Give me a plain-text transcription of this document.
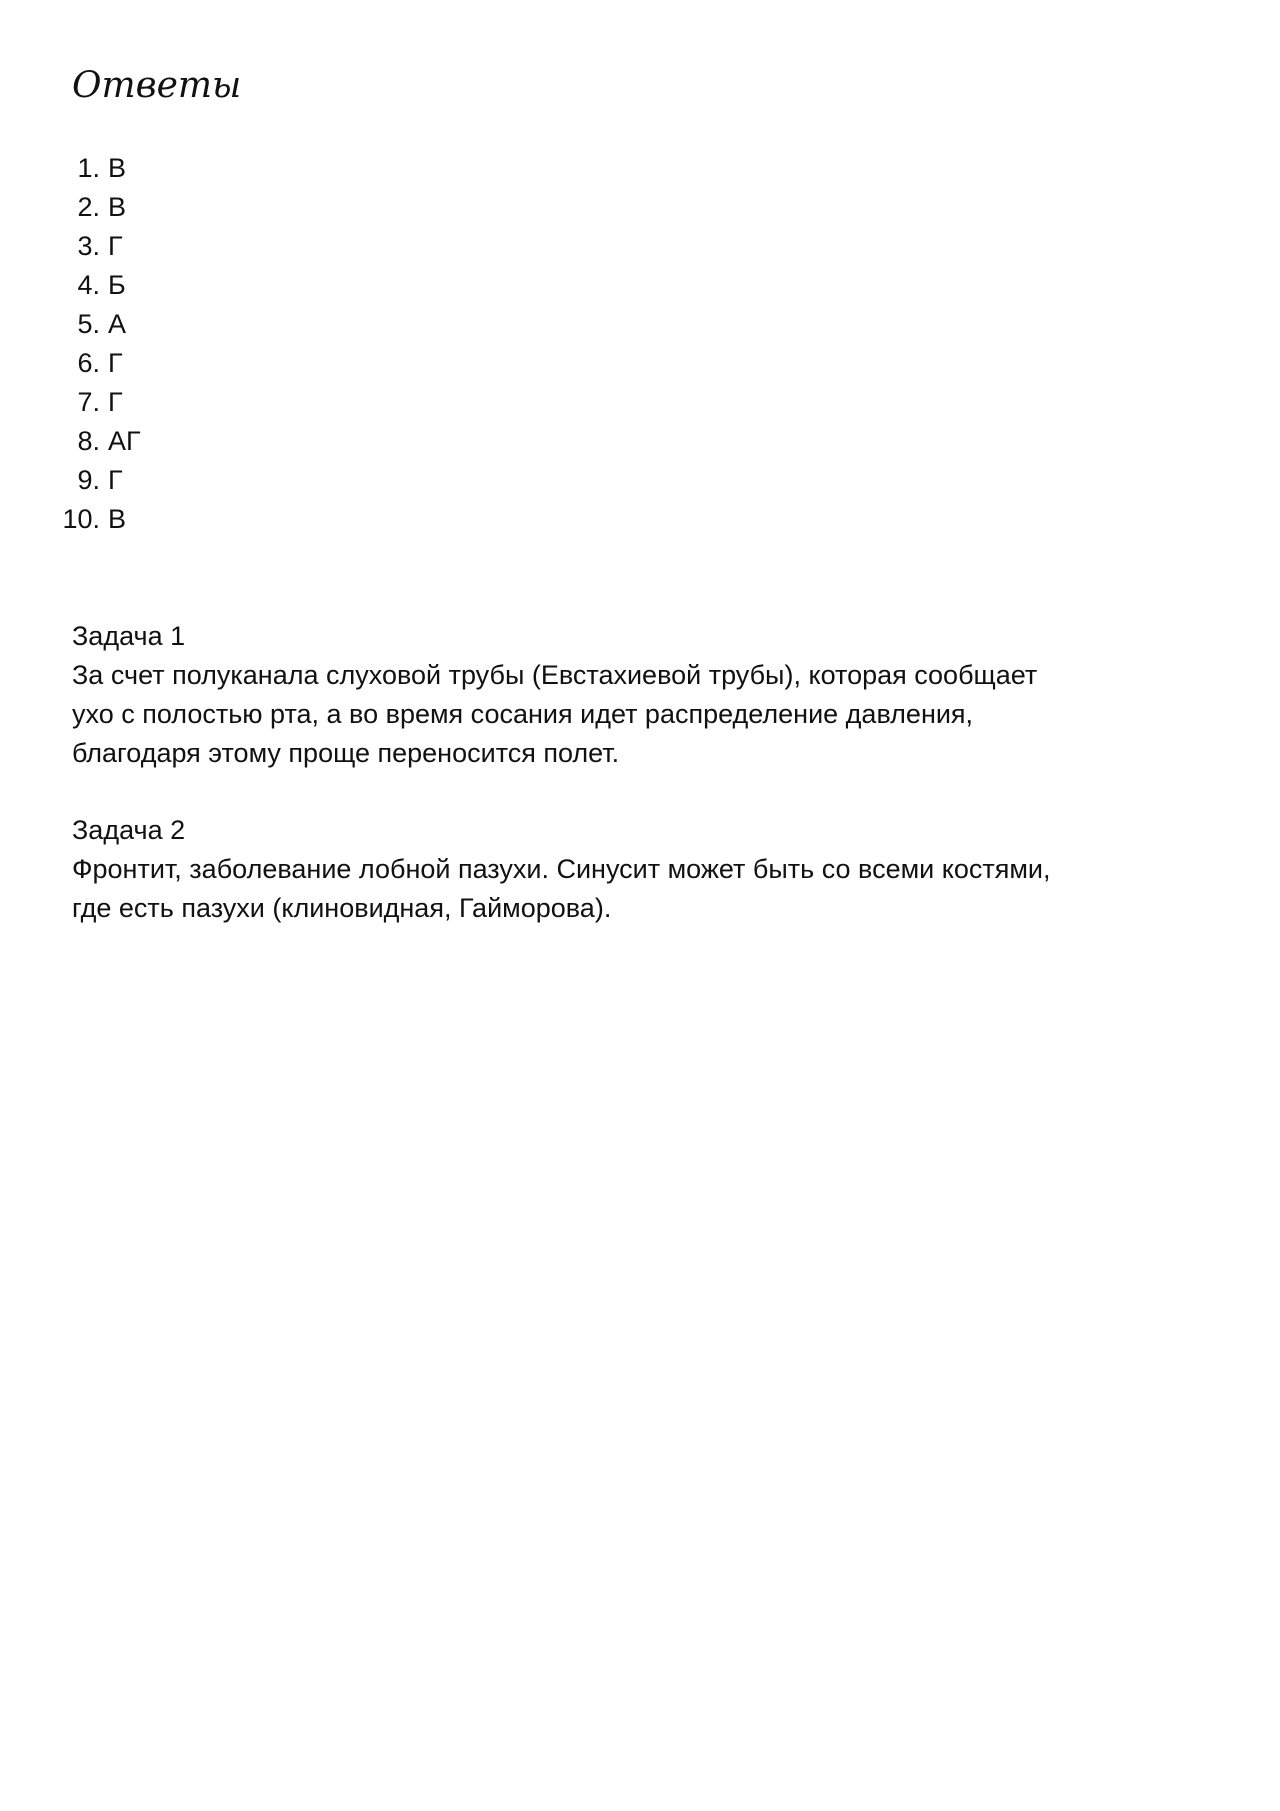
Ответы
1 . В
2 . В
3 . Г
4 . Б
5 . А
6 . Г
7 . Г
8 . АГ
9 . Г
10 . В

Задача 1

За счет полуканала слуховой трубы (Евстахиевой трубы), которая сообщает
ухо с полостью рта, а во время сосания идет распределение давления,
благодаря этому проще переносится полет.

Задача 2

Фронтит, заболевание лобной пазухи. Синусит может быть со всеми костями,
где есть пазухи (клиновидная, Гайморова).
